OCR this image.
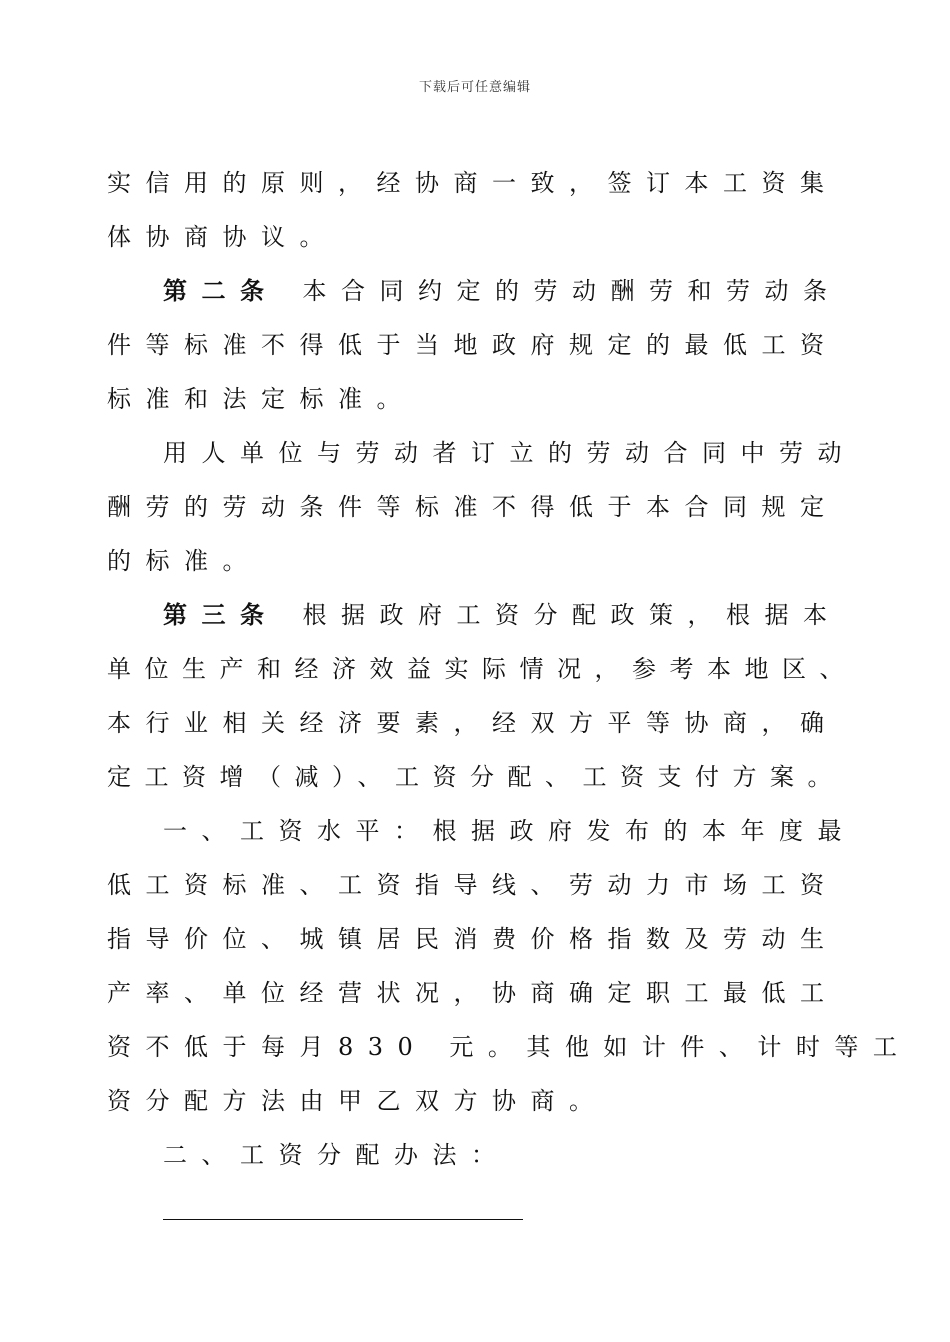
下载后可任意编辑
实信用的原则，经协商一致，签订本工资集
体协商协议。
第二条 本合同约定的劳动酬劳和劳动条
件等标准不得低于当地政府规定的最低工资
标准和法定标准。
用人单位与劳动者订立的劳动合同中劳动
酬劳的劳动条件等标准不得低于本合同规定
的标准。
第三条 根据政府工资分配政策，根据本
单位生产和经济效益实际情况，参考本地区、
本行业相关经济要素，经双方平等协商，确
定工资增（减）、工资分配、工资支付方案。
一、工资水平：根据政府发布的本年度最
低工资标准、工资指导线、劳动力市场工资
指导价位、城镇居民消费价格指数及劳动生
产率、单位经营状况，协商确定职工最低工
资不低于每月830 元。其他如计件、计时等工
资分配方法由甲乙双方协商。
二、工资分配办法：
